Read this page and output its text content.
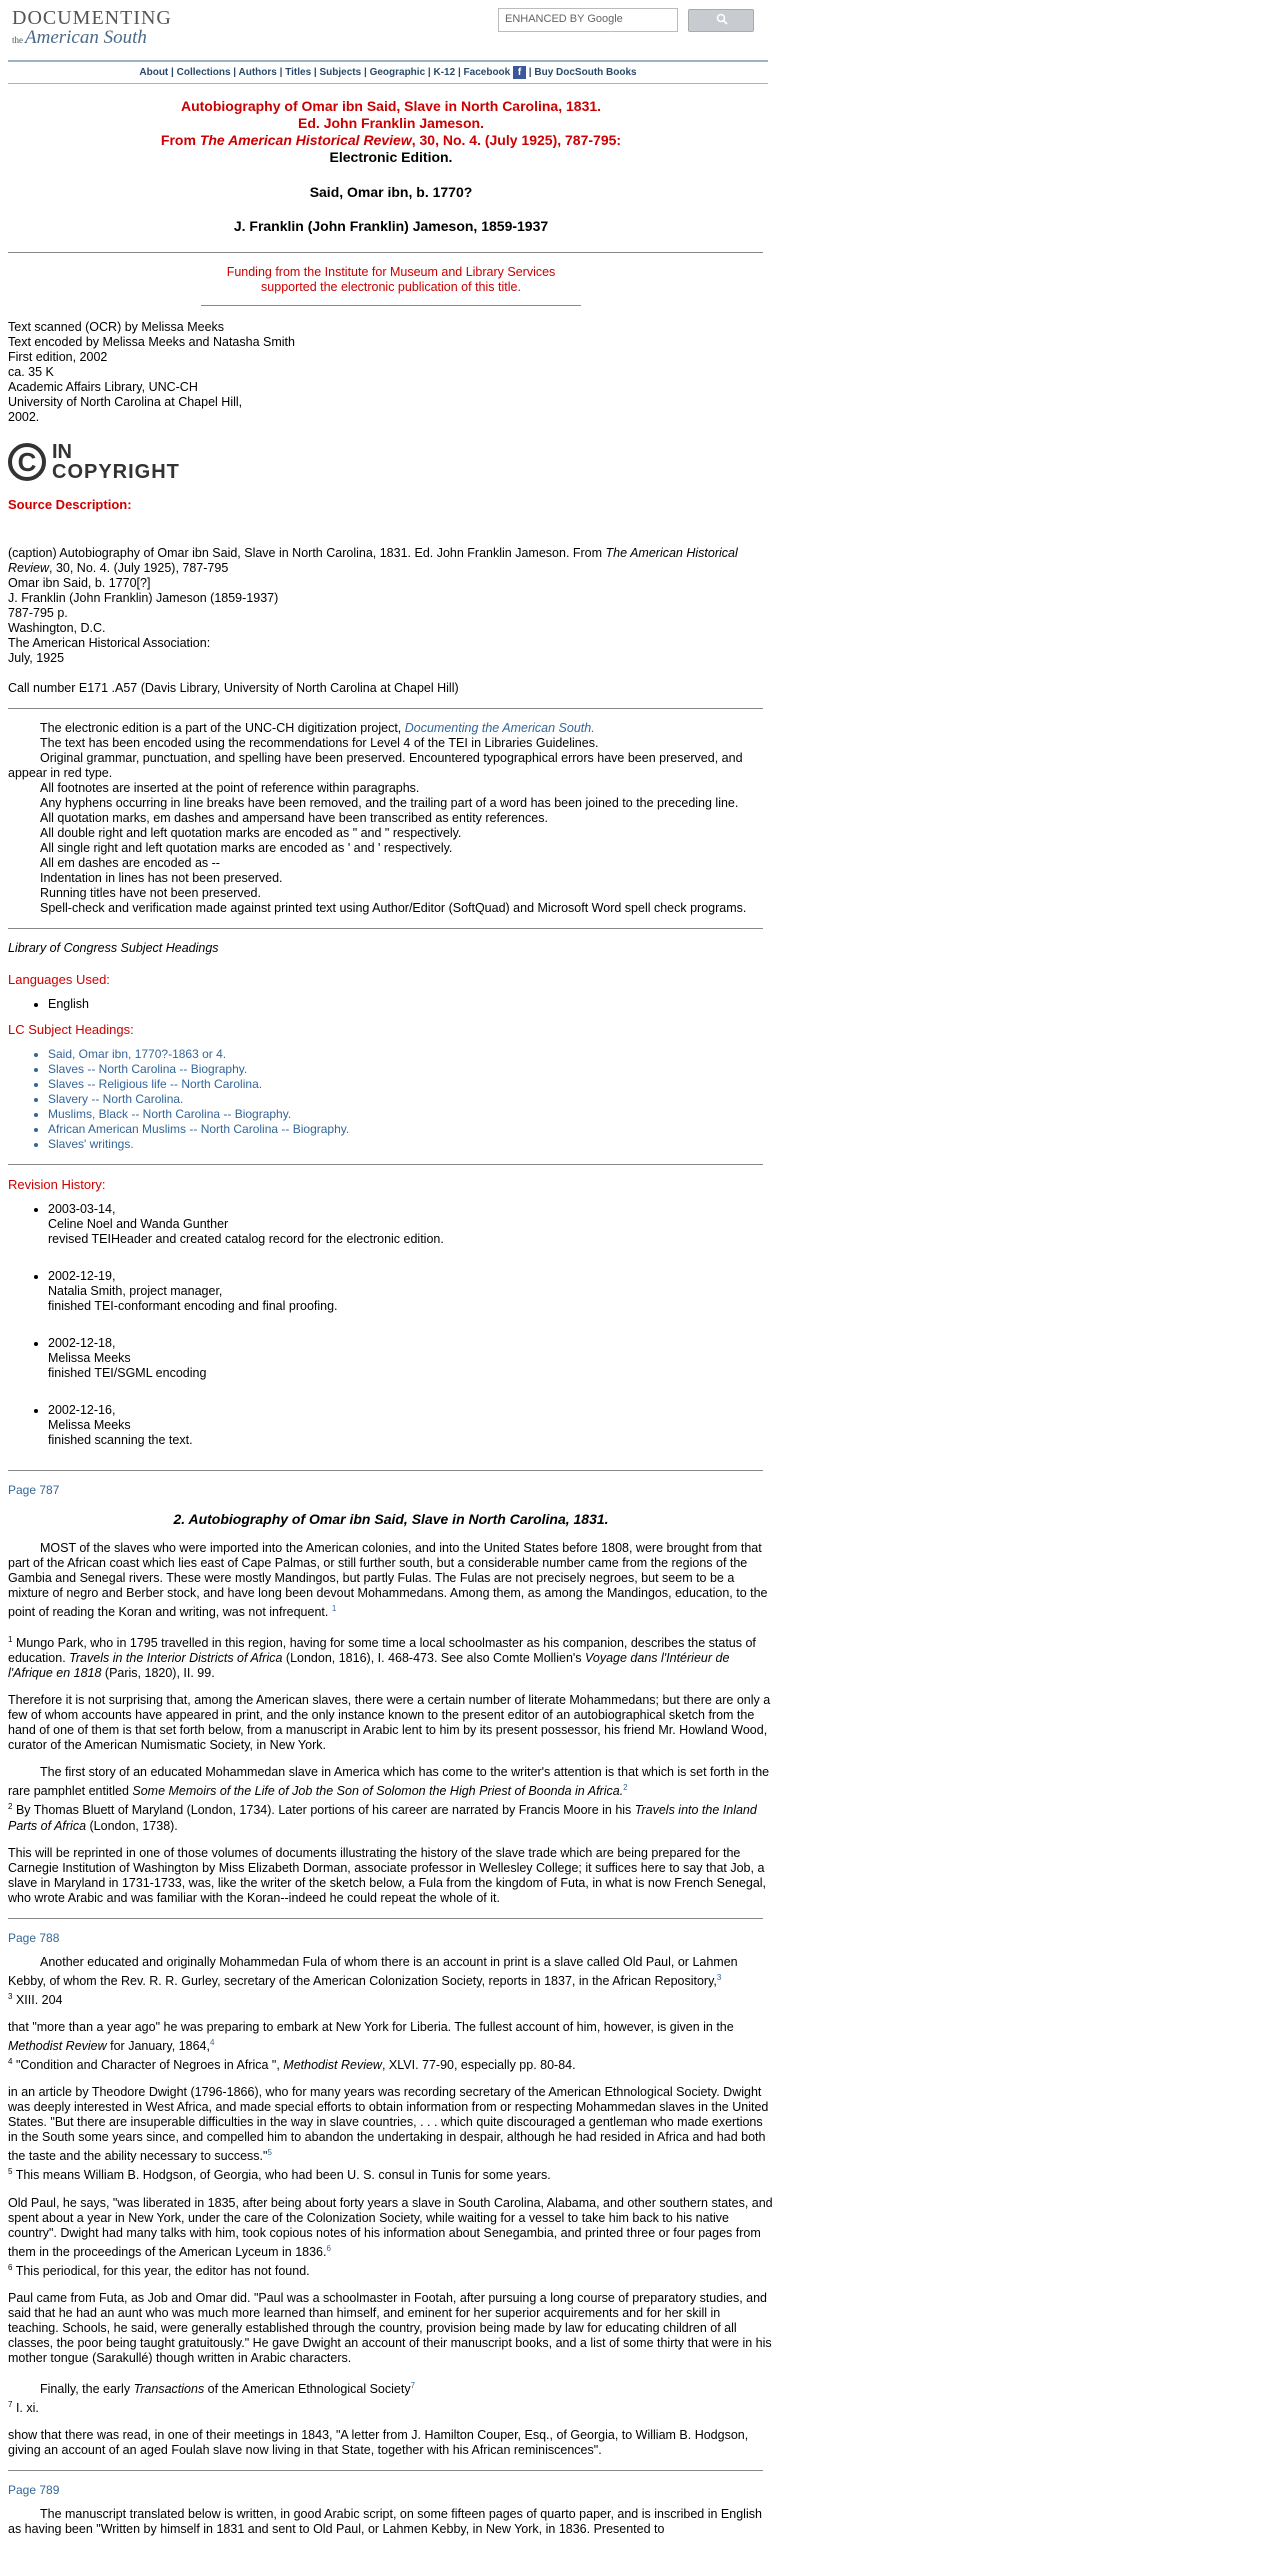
DOCUMENTING
the American South
ENHANCED BY Google
About | Collections | Authors | Titles | Subjects | Geographic | K-12 | Facebook f | Buy DocSouth Books
Autobiography of Omar ibn Said, Slave in North Carolina, 1831.
Ed. John Franklin Jameson.
From The American Historical Review, 30, No. 4. (July 1925), 787-795:
Electronic Edition.
Said, Omar ibn, b. 1770?
J. Franklin (John Franklin) Jameson, 1859-1937
Funding from the Institute for Museum and Library Services
supported the electronic publication of this title.
Text scanned (OCR) by Melissa Meeks
Text encoded by Melissa Meeks and Natasha Smith
First edition, 2002
ca. 35 K
Academic Affairs Library, UNC-CH
University of North Carolina at Chapel Hill,
2002.
C IN
COPYRIGHT
Source Description:
(caption) Autobiography of Omar ibn Said, Slave in North Carolina, 1831. Ed. John Franklin Jameson. From The American Historical Review, 30, No. 4. (July 1925), 787-795
Omar ibn Said, b. 1770[?]
J. Franklin (John Franklin) Jameson (1859-1937)
787-795 p.
Washington, D.C.
The American Historical Association:
July, 1925
Call number E171 .A57 (Davis Library, University of North Carolina at Chapel Hill)
The electronic edition is a part of the UNC-CH digitization project, Documenting the American South.
The text has been encoded using the recommendations for Level 4 of the TEI in Libraries Guidelines.
Original grammar, punctuation, and spelling have been preserved. Encountered typographical errors have been preserved, and appear in red type.
All footnotes are inserted at the point of reference within paragraphs.
Any hyphens occurring in line breaks have been removed, and the trailing part of a word has been joined to the preceding line.
All quotation marks, em dashes and ampersand have been transcribed as entity references.
All double right and left quotation marks are encoded as " and " respectively.
All single right and left quotation marks are encoded as ' and ' respectively.
All em dashes are encoded as --
Indentation in lines has not been preserved.
Running titles have not been preserved.
Spell-check and verification made against printed text using Author/Editor (SoftQuad) and Microsoft Word spell check programs.
Library of Congress Subject Headings
Languages Used:
• English
LC Subject Headings:
• Said, Omar ibn, 1770?-1863 or 4.
• Slaves -- North Carolina -- Biography.
• Slaves -- Religious life -- North Carolina.
• Slavery -- North Carolina.
• Muslims, Black -- North Carolina -- Biography.
• African American Muslims -- North Carolina -- Biography.
• Slaves' writings.
Revision History:
• 2003-03-14,
Celine Noel and Wanda Gunther
revised TEIHeader and created catalog record for the electronic edition.
• 2002-12-19,
Natalia Smith, project manager,
finished TEI-conformant encoding and final proofing.
• 2002-12-18,
Melissa Meeks
finished TEI/SGML encoding
• 2002-12-16,
Melissa Meeks
finished scanning the text.
Page 787
2. Autobiography of Omar ibn Said, Slave in North Carolina, 1831.

MOST of the slaves who were imported into the American colonies, and into the United States before 1808, were brought from that part of the African coast which lies east of Cape Palmas, or still further south, but a considerable number came from the regions of the Gambia and Senegal rivers. These were mostly Mandingos, but partly Fulas. The Fulas are not precisely negroes, but seem to be a mixture of negro and Berber stock, and have long been devout Mohammedans. Among them, as among the Mandingos, education, to the point of reading the Koran and writing, was not infrequent. $^1$

$^1$ Mungo Park, who in 1795 travelled in this region, having for some time a local schoolmaster as his companion, describes the status of education. Travels in the Interior Districts of Africa (London, 1816), I. 468-473. See also Comte Mollien's Voyage dans l'Intérieur de l'Afrique en 1818 (Paris, 1820), II. 99.

Therefore it is not surprising that, among the American slaves, there were a certain number of literate Mohammedans; but there are only a few of whom accounts have appeared in print, and the only instance known to the present editor of an autobiographical sketch from the hand of one of them is that set forth below, from a manuscript in Arabic lent to him by its present possessor, his friend Mr. Howland Wood, curator of the American Numismatic Society, in New York.

The first story of an educated Mohammedan slave in America which has come to the writer's attention is that which is set forth in the rare pamphlet entitled Some Memoirs of the Life of Job the Son of Solomon the High Priest of Boonda in Africa.$^2$

$^2$ By Thomas Bluett of Maryland (London, 1734). Later portions of his career are narrated by Francis Moore in his Travels into the Inland Parts of Africa (London, 1738).

This will be reprinted in one of those volumes of documents illustrating the history of the slave trade which are being prepared for the Carnegie Institution of Washington by Miss Elizabeth Dorman, associate professor in Wellesley College; it suffices here to say that Job, a slave in Maryland in 1731-1733, was, like the writer of the sketch below, a Fula from the kingdom of Futa, in what is now French Senegal, who wrote Arabic and was familiar with the Koran--indeed he could repeat the whole of it.

Page 788

Another educated and originally Mohammedan Fula of whom there is an account in print is a slave called Old Paul, or Lahmen Kebby, of whom the Rev. R. R. Gurley, secretary of the American Colonization Society, reports in 1837, in the African Repository,$^3$

$^3$ XIII. 204

that "more than a year ago" he was preparing to embark at New York for Liberia. The fullest account of him, however, is given in the Methodist Review for January, 1864,$^4$

$^4$ "Condition and Character of Negroes in Africa ", Methodist Review, XLVI. 77-90, especially pp. 80-84.

in an article by Theodore Dwight (1796-1866), who for many years was recording secretary of the American Ethnological Society. Dwight was deeply interested in West Africa, and made special efforts to obtain information from or respecting Mohammedan slaves in the United States. "But there are insuperable difficulties in the way in slave countries, . . . which quite discouraged a gentleman who made exertions in the South some years since, and compelled him to abandon the undertaking in despair, although he had resided in Africa and had both the taste and the ability necessary to success."$^5$

$^5$ This means William B. Hodgson, of Georgia, who had been U. S. consul in Tunis for some years.

Old Paul, he says, "was liberated in 1835, after being about forty years a slave in South Carolina, Alabama, and other southern states, and spent about a year in New York, under the care of the Colonization Society, while waiting for a vessel to take him back to his native country". Dwight had many talks with him, took copious notes of his information about Senegambia, and printed three or four pages from them in the proceedings of the American Lyceum in 1836.$^6$

$^6$ This periodical, for this year, the editor has not found.

Paul came from Futa, as Job and Omar did. "Paul was a schoolmaster in Footah, after pursuing a long course of preparatory studies, and said that he had an aunt who was much more learned than himself, and eminent for her superior acquirements and for her skill in teaching. Schools, he said, were generally established through the country, provision being made by law for educating children of all classes, the poor being taught gratuitously." He gave Dwight an account of their manuscript books, and a list of some thirty that were in his mother tongue (Sarakullé) though written in Arabic characters.

Finally, the early Transactions of the American Ethnological Society$^7$

$^7$ I. xi.

show that there was read, in one of their meetings in 1843, "A letter from J. Hamilton Couper, Esq., of Georgia, to William B. Hodgson, giving an account of an aged Foulah slave now living in that State, together with his African reminiscences".

Page 789

The manuscript translated below is written, in good Arabic script, on some fifteen pages of quarto paper, and is inscribed in English as having been "Written by himself in 1831 and sent to Old Paul, or Lahmen Kebby, in New York, in 1836. Presented to
